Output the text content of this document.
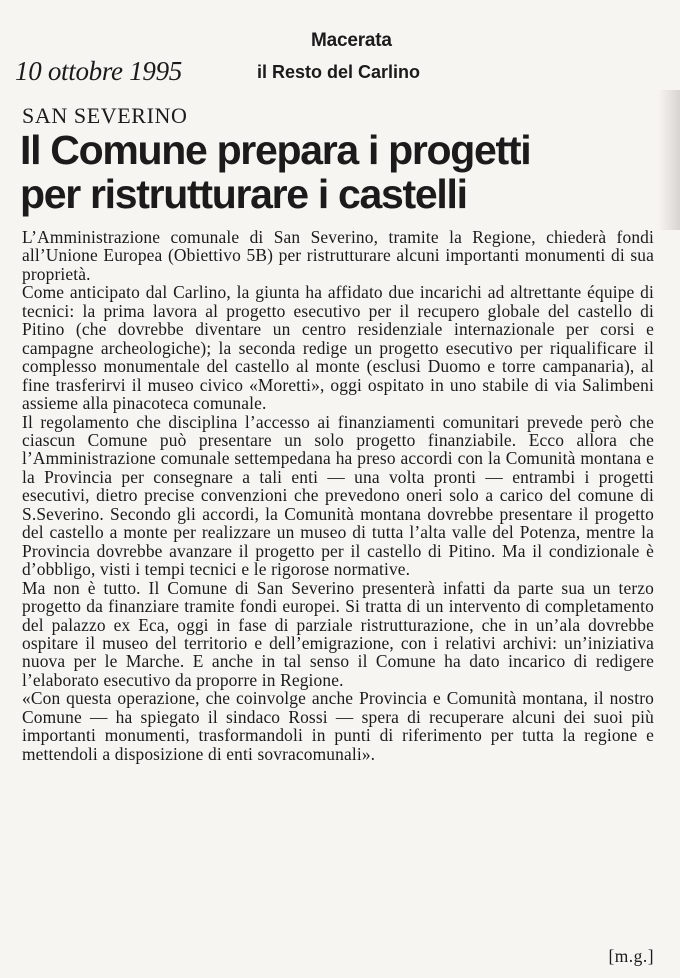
Macerata
10 ottobre 1995	il Resto del Carlino
SAN SEVERINO
Il Comune prepara i progetti
per ristrutturare i castelli

L’Amministrazione comunale di San Severino, tramite la Regione, chiederà fondi all’Unione Europea (Obiettivo 5B) per ristrutturare alcuni importanti monumenti di sua proprietà.

Come anticipato dal Carlino, la giunta ha affidato due incarichi ad altrettante équipe di tecnici: la prima lavora al progetto esecutivo per il recupero globale del castello di Pitino (che dovrebbe diventare un centro residenziale internazionale per corsi e campagne archeologiche); la seconda redige un progetto esecutivo per riqualificare il complesso monumentale del castello al monte (esclusi Duomo e torre campanaria), al fine trasferirvi il museo civico «Moretti», oggi ospitato in uno stabile di via Salimbeni assieme alla pinacoteca comunale.

Il regolamento che disciplina l’accesso ai finanziamenti comunitari prevede però che ciascun Comune può presentare un solo progetto finanziabile. Ecco allora che l’Amministrazione comunale settempedana ha preso accordi con la Comunità montana e la Provincia per consegnare a tali enti — una volta pronti — entrambi i progetti esecutivi, dietro precise convenzioni che prevedono oneri solo a carico del comune di S.Severino. Secondo gli accordi, la Comunità montana dovrebbe presentare il progetto del castello a monte per realizzare un museo di tutta l’alta valle del Potenza, mentre la Provincia dovrebbe avanzare il progetto per il castello di Pitino. Ma il condizionale è d’obbligo, visti i tempi tecnici e le rigorose normative.

Ma non è tutto. Il Comune di San Severino presenterà infatti da parte sua un terzo progetto da finanziare tramite fondi europei. Si tratta di un intervento di completamento del palazzo ex Eca, oggi in fase di parziale ristrutturazione, che in un’ala dovrebbe ospitare il museo del territorio e dell’emigrazione, con i relativi archivi: un’iniziativa nuova per le Marche. E anche in tal senso il Comune ha dato incarico di redigere l’elaborato esecutivo da proporre in Regione.

«Con questa operazione, che coinvolge anche Provincia e Comunità montana, il nostro Comune — ha spiegato il sindaco Rossi — spera di recuperare alcuni dei suoi più importanti monumenti, trasformandoli in punti di riferimento per tutta la regione e mettendoli a disposizione di enti sovracomunali».

[m.g.]
